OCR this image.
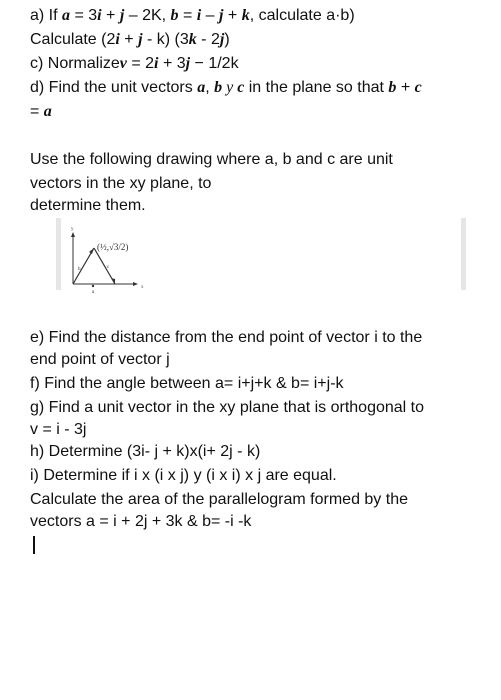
a) If a = 3i + j – 2K, b = i – j + k, calculate a·b)
Calculate (2i + j - k) (3k - 2j)
c) Normalizev = 2i + 3j − 1/2k
d) Find the unit vectors a, b y c in the plane so that b + c
= a
Use the following drawing where a, b and c are unit
vectors in the xy plane, to
determine them.
y
x
(½,√3/2)
b	c
a
e) Find the distance from the end point of vector i to the
end point of vector j
f) Find the angle between a= i+j+k & b= i+j-k
g) Find a unit vector in the xy plane that is orthogonal to
v = i - 3j
h) Determine (3i- j + k)x(i+ 2j - k)
i) Determine if i x (i x j) y (i x i) x j are equal.
Calculate the area of the parallelogram formed by the
vectors a = i + 2j + 3k & b= -i -k
